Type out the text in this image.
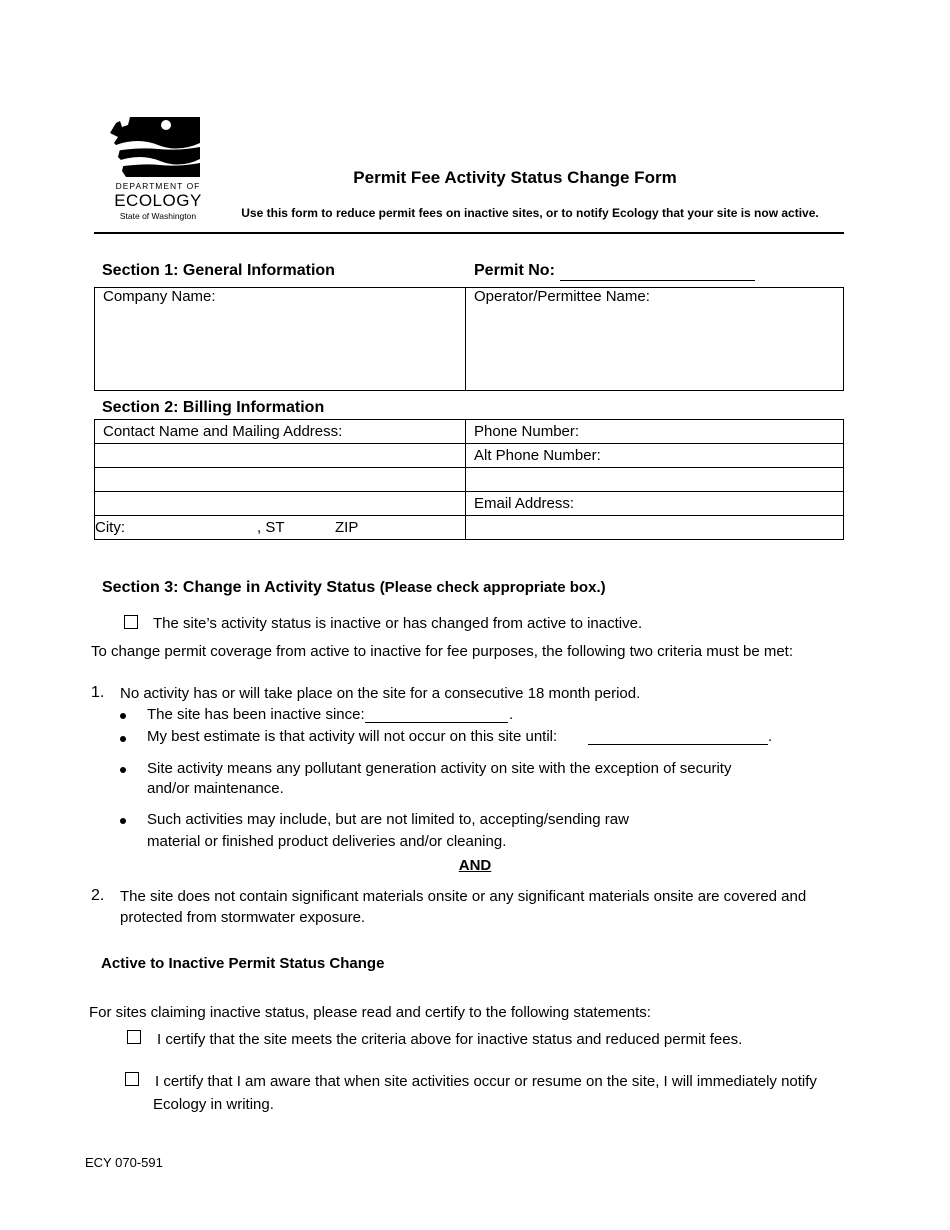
DEPARTMENT OF
ECOLOGY
State of Washington
Permit Fee Activity Status Change Form
Use this form to reduce permit fees on inactive sites, or to notify Ecology that your site is now active.
Section 1: General Information	Permit No:
Company Name:	Operator/Permittee Name:
Section 2: Billing Information
Contact Name and Mailing Address:	Phone Number:
	Alt Phone Number:

	Email Address:

City: , ST ZIP	

Section 3: Change in Activity Status (Please check appropriate box.)
The site’s activity status is inactive or has changed from active to inactive.
To change permit coverage from active to inactive for fee purposes, the following two criteria must be met:
1. No activity has or will take place on the site for a consecutive 18 month period.
The site has been inactive since:	.
My best estimate is that activity will not occur on this site until:	.
Site activity means any pollutant generation activity on site with the exception of security
and/or maintenance.
Such activities may include, but are not limited to, accepting/sending raw
material or finished product deliveries and/or cleaning.
AND
2. The site does not contain significant materials onsite or any significant materials onsite are covered and
protected from stormwater exposure.
Active to Inactive Permit Status Change
For sites claiming inactive status, please read and certify to the following statements:
I certify that the site meets the criteria above for inactive status and reduced permit fees.
I certify that I am aware that when site activities occur or resume on the site, I will immediately notify
Ecology in writing.
ECY 070-591
